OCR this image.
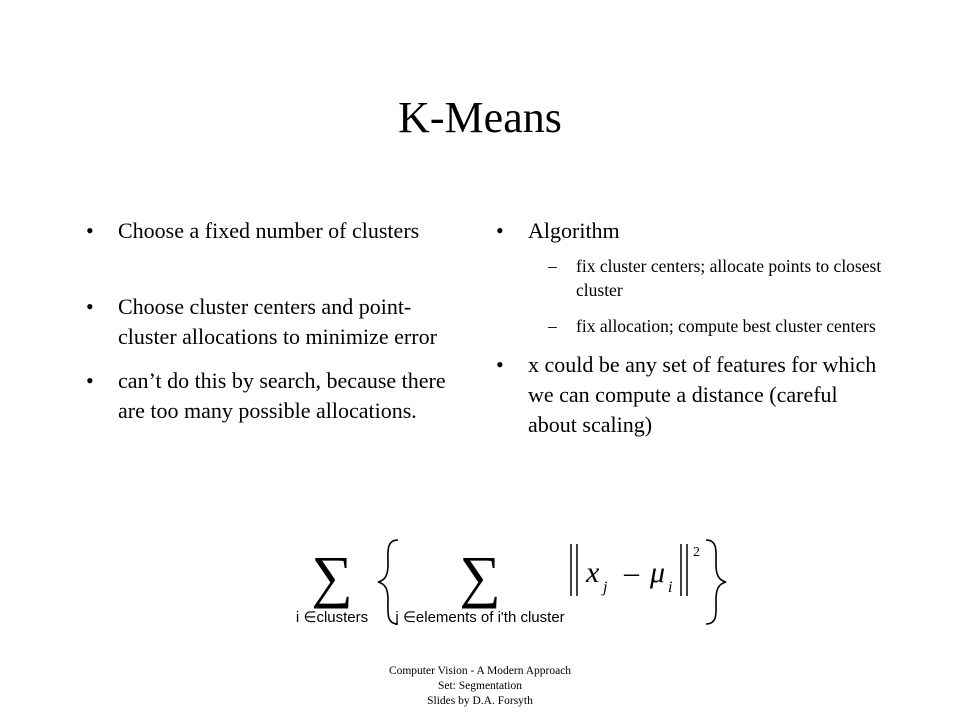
K-Means
• Choose a fixed number of clusters
• Choose cluster centers and point-cluster allocations to minimize error
• can’t do this by search, because there are too many possible allocations.
• Algorithm
– fix cluster centers; allocate points to closest cluster
– fix allocation; compute best cluster centers
• x could be any set of features for which we can compute a distance (careful about scaling)
∑
i ∈clusters
∑
j ∈elements of i'th cluster
x j – μ i
2
Computer Vision - A Modern Approach
Set: Segmentation
Slides by D.A. Forsyth
